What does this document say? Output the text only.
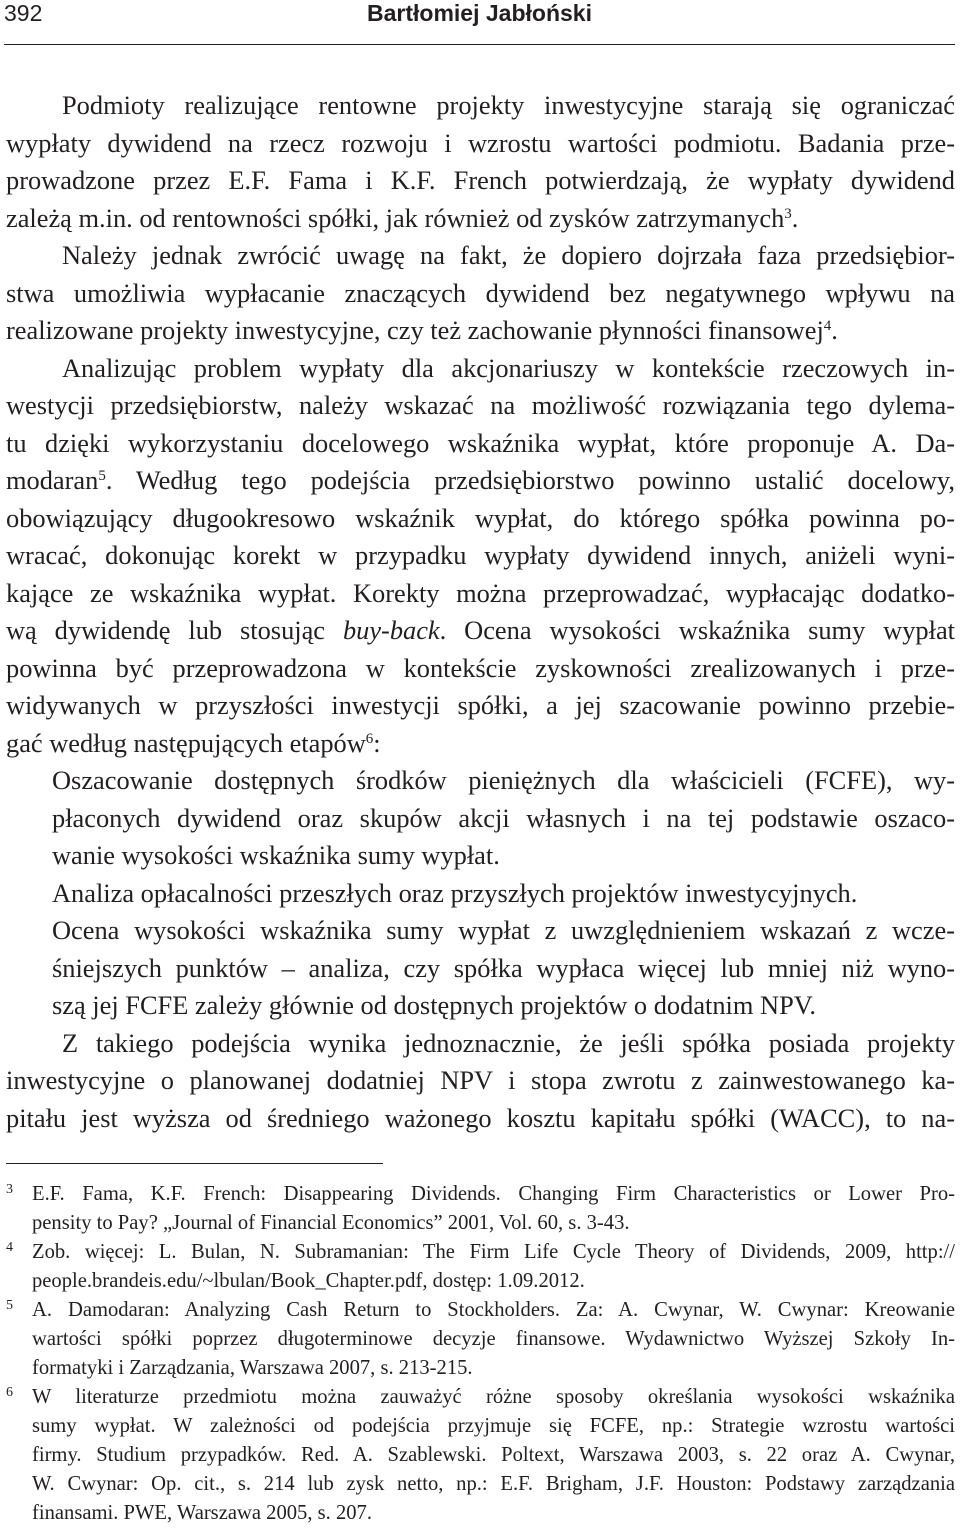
392	Bartłomiej Jabłoński
Podmioty realizujące rentowne projekty inwestycyjne starają się ograniczać
wypłaty dywidend na rzecz rozwoju i wzrostu wartości podmiotu. Badania prze-
prowadzone przez E.F. Fama i K.F. French potwierdzają, że wypłaty dywidend
zależą m.in. od rentowności spółki, jak również od zysków zatrzymanych$^3$.
Należy jednak zwrócić uwagę na fakt, że dopiero dojrzała faza przedsiębior-
stwa umożliwia wypłacanie znaczących dywidend bez negatywnego wpływu na
realizowane projekty inwestycyjne, czy też zachowanie płynności finansowej$^4$.
Analizując problem wypłaty dla akcjonariuszy w kontekście rzeczowych in-
westycji przedsiębiorstw, należy wskazać na możliwość rozwiązania tego dylema-
tu dzięki wykorzystaniu docelowego wskaźnika wypłat, które proponuje A. Da-
modaran$^5$. Według tego podejścia przedsiębiorstwo powinno ustalić docelowy,
obowiązujący długookresowo wskaźnik wypłat, do którego spółka powinna po-
wracać, dokonując korekt w przypadku wypłaty dywidend innych, aniżeli wyni-
kające ze wskaźnika wypłat. Korekty można przeprowadzać, wypłacając dodatko-
wą dywidendę lub stosując buy-back. Ocena wysokości wskaźnika sumy wypłat
powinna być przeprowadzona w kontekście zyskowności zrealizowanych i prze-
widywanych w przyszłości inwestycji spółki, a jej szacowanie powinno przebie-
gać według następujących etapów$^6$:
Oszacowanie dostępnych środków pieniężnych dla właścicieli (FCFE), wy-
płaconych dywidend oraz skupów akcji własnych i na tej podstawie oszaco-
wanie wysokości wskaźnika sumy wypłat.
Analiza opłacalności przeszłych oraz przyszłych projektów inwestycyjnych.
Ocena wysokości wskaźnika sumy wypłat z uwzględnieniem wskazań z wcze-
śniejszych punktów – analiza, czy spółka wypłaca więcej lub mniej niż wyno-
szą jej FCFE zależy głównie od dostępnych projektów o dodatnim NPV.
Z takiego podejścia wynika jednoznacznie, że jeśli spółka posiada projekty
inwestycyjne o planowanej dodatniej NPV i stopa zwrotu z zainwestowanego ka-
pitału jest wyższa od średniego ważonego kosztu kapitału spółki (WACC), to na-
3 E.F. Fama, K.F. French: Disappearing Dividends. Changing Firm Characteristics or Lower Pro-
pensity to Pay? „Journal of Financial Economics” 2001, Vol. 60, s. 3-43.
4 Zob. więcej: L. Bulan, N. Subramanian: The Firm Life Cycle Theory of Dividends, 2009, http://
people.brandeis.edu/~lbulan/Book_Chapter.pdf, dostęp: 1.09.2012.
5 A. Damodaran: Analyzing Cash Return to Stockholders. Za: A. Cwynar, W. Cwynar: Kreowanie
wartości spółki poprzez długoterminowe decyzje finansowe. Wydawnictwo Wyższej Szkoły In-
formatyki i Zarządzania, Warszawa 2007, s. 213-215.
6 W literaturze przedmiotu można zauważyć różne sposoby określania wysokości wskaźnika
sumy wypłat. W zależności od podejścia przyjmuje się FCFE, np.: Strategie wzrostu wartości
firmy. Studium przypadków. Red. A. Szablewski. Poltext, Warszawa 2003, s. 22 oraz A. Cwynar,
W. Cwynar: Op. cit., s. 214 lub zysk netto, np.: E.F. Brigham, J.F. Houston: Podstawy zarządzania
finansami. PWE, Warszawa 2005, s. 207.
